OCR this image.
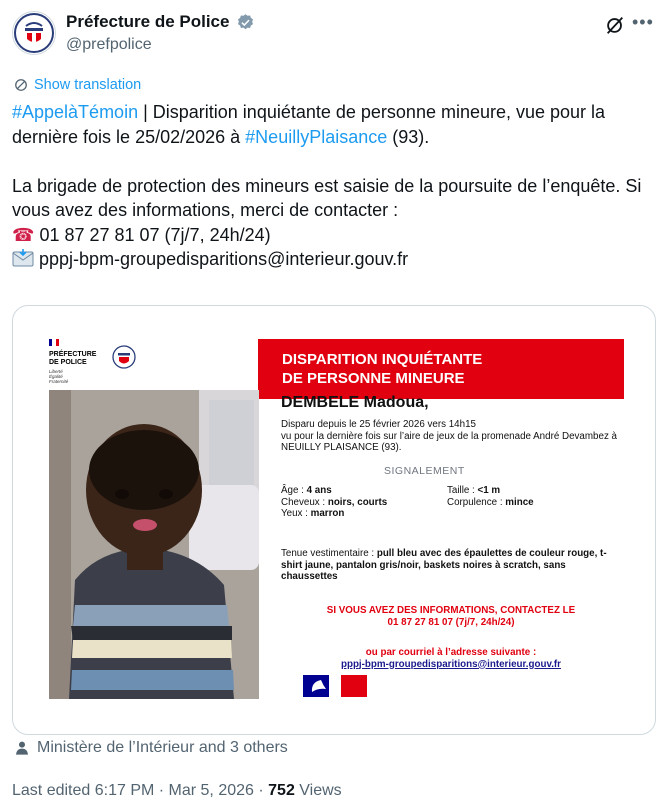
Préfecture de Police
@prefpolice
•••
Show translation

#AppelàTémoin | Disparition inquiétante de personne mineure, vue pour la dernière fois le 25/02/2026 à #NeuillyPlaisance (93).

La brigade de protection des mineurs est saisie de la poursuite de l’enquête. Si vous avez des informations, merci de contacter :

☎ 01 87 27 81 07 (7j/7, 24h/24)

pppj-bpm-groupedisparitions@interieur.gouv.fr

PRÉFECTURE
DE POLICE
Liberté
Égalité
Fraternité
DISPARITION INQUIÉTANTE
DE PERSONNE MINEURE
DEMBELE Madoua,
Disparu depuis le 25 février 2026 vers 14h15
vu pour la dernière fois sur l’aire de jeux de la promenade André Devambez à NEUILLY PLAISANCE (93).
SIGNALEMENT
Âge : 4 ans	Taille : <1 m
Cheveux : noirs, courts	Corpulence : mince
Yeux : marron
Tenue vestimentaire : pull bleu avec des épaulettes de couleur rouge, t-shirt jaune, pantalon gris/noir, baskets noires à scratch, sans chaussettes
SI VOUS AVEZ DES INFORMATIONS, CONTACTEZ LE
01 87 27 81 07 (7j/7, 24h/24)
ou par courriel à l’adresse suivante :
pppj-bpm-groupedisparitions@interieur.gouv.fr
Ministère de l’Intérieur and 3 others
Last edited 6:17 PM · Mar 5, 2026 · 752 Views
